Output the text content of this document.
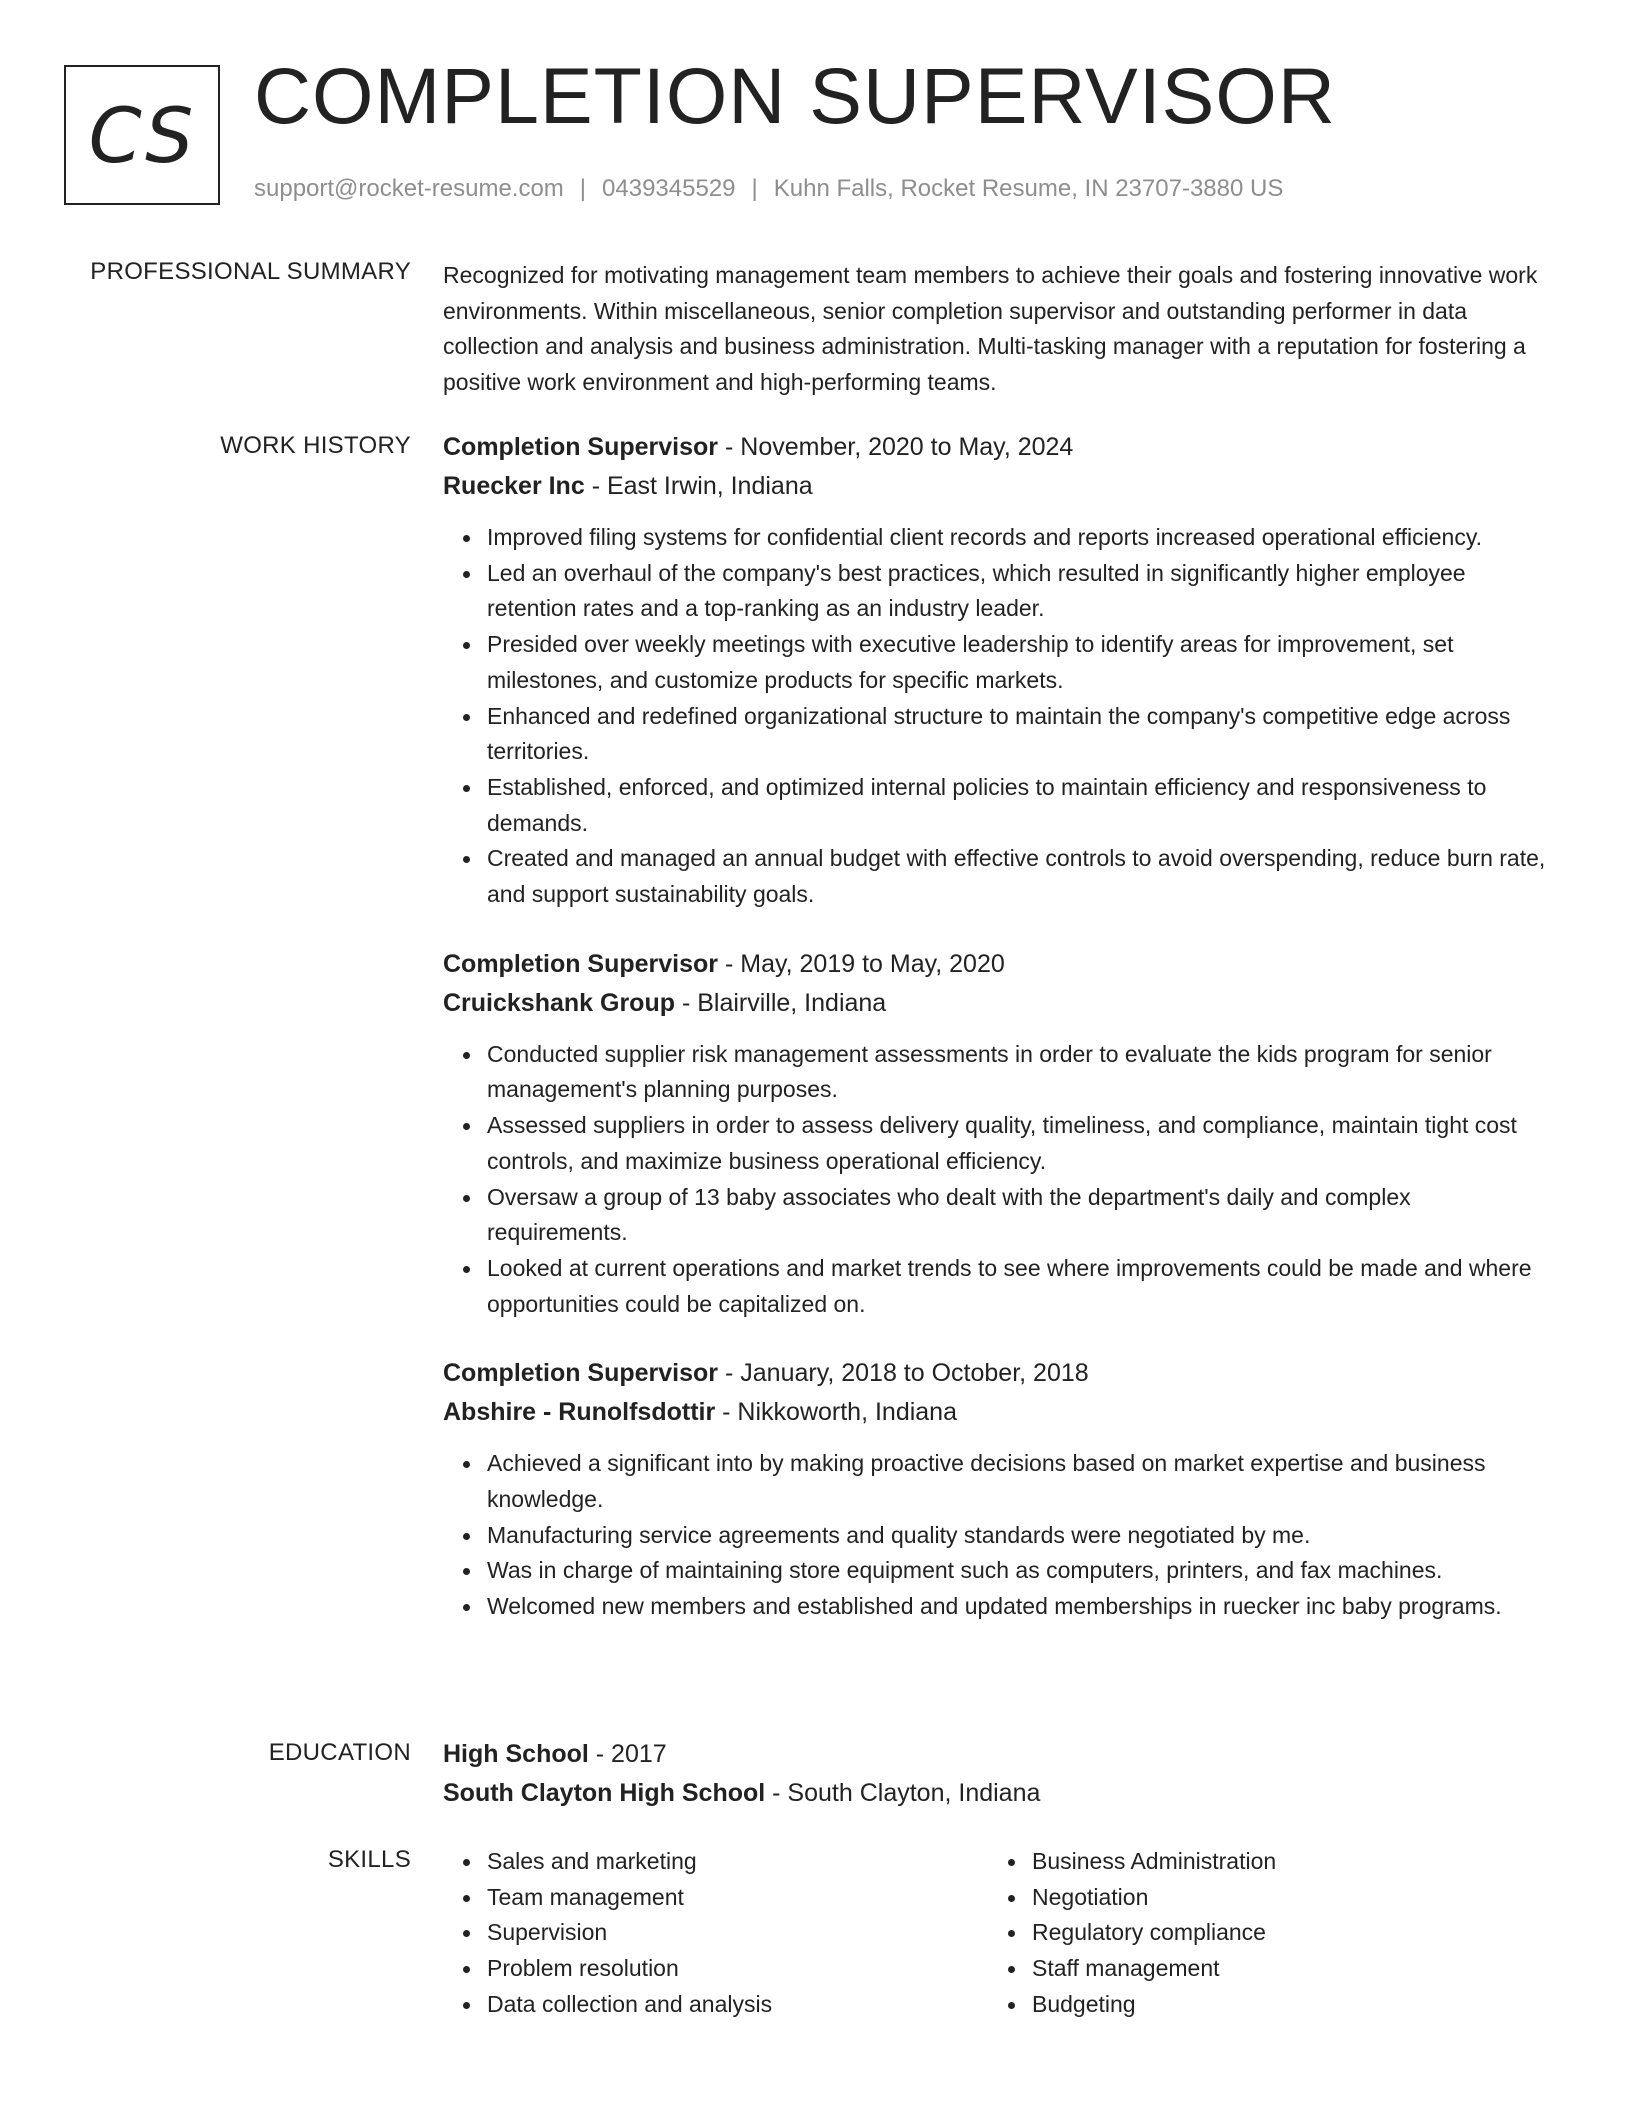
CS COMPLETION SUPERVISOR
support@rocket-resume.com | 0439345529 | Kuhn Falls, Rocket Resume, IN 23707-3880 US
PROFESSIONAL SUMMARY Recognized for motivating management team members to achieve their goals and fostering innovative work environments. Within miscellaneous, senior completion supervisor and outstanding performer in data collection and analysis and business administration. Multi-tasking manager with a reputation for fostering a positive work environment and high-performing teams.
WORK HISTORY Completion Supervisor - November, 2020 to May, 2024
Ruecker Inc - East Irwin, Indiana
Improved filing systems for confidential client records and reports increased operational efficiency.
Led an overhaul of the company's best practices, which resulted in significantly higher employee retention rates and a top-ranking as an industry leader.
Presided over weekly meetings with executive leadership to identify areas for improvement, set milestones, and customize products for specific markets.
Enhanced and redefined organizational structure to maintain the company's competitive edge across territories.
Established, enforced, and optimized internal policies to maintain efficiency and responsiveness to demands.
Created and managed an annual budget with effective controls to avoid overspending, reduce burn rate, and support sustainability goals.
Completion Supervisor - May, 2019 to May, 2020
Cruickshank Group - Blairville, Indiana
Conducted supplier risk management assessments in order to evaluate the kids program for senior management's planning purposes.
Assessed suppliers in order to assess delivery quality, timeliness, and compliance, maintain tight cost controls, and maximize business operational efficiency.
Oversaw a group of 13 baby associates who dealt with the department's daily and complex requirements.
Looked at current operations and market trends to see where improvements could be made and where opportunities could be capitalized on.
Completion Supervisor - January, 2018 to October, 2018
Abshire - Runolfsdottir - Nikkoworth, Indiana
Achieved a significant into by making proactive decisions based on market expertise and business knowledge.
Manufacturing service agreements and quality standards were negotiated by me.
Was in charge of maintaining store equipment such as computers, printers, and fax machines.
Welcomed new members and established and updated memberships in ruecker inc baby programs.
EDUCATION High School - 2017
South Clayton High School - South Clayton, Indiana
SKILLS	Sales and marketing
Team management
Supervision
Problem resolution
Data collection and analysis
Business Administration
Negotiation
Regulatory compliance
Staff management
Budgeting
